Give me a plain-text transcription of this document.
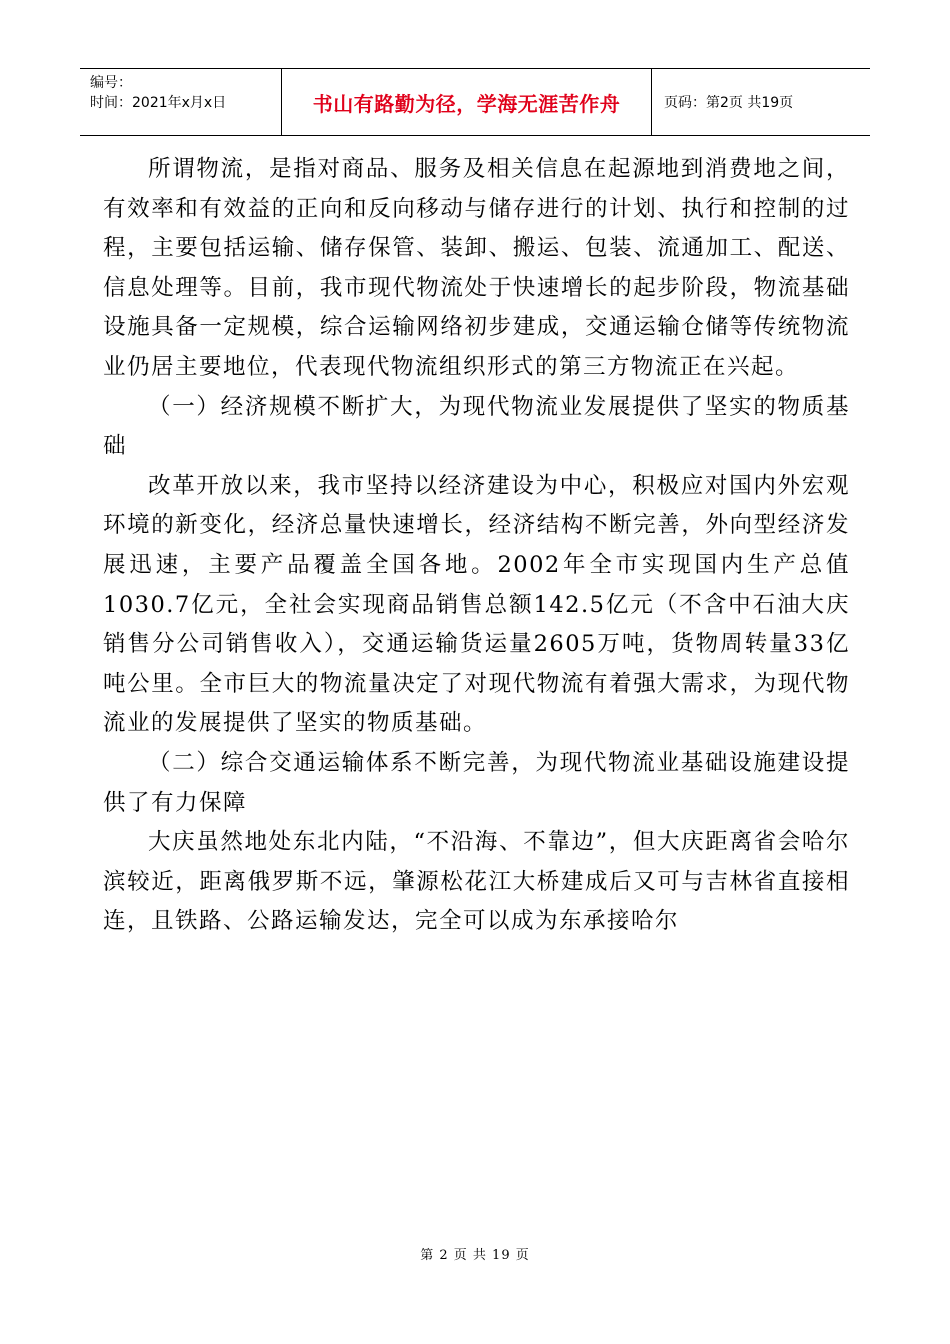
编号：
时间：2021年x月x日	书山有路勤为径，学海无涯苦作舟	页码：第2页 共19页

所谓物流，是指对商品、服务及相关信息在起源地到消费地之间，有效率和有效益的正向和反向移动与储存进行的计划、执行和控制的过程，主要包括运输、储存保管、装卸、搬运、包装、流通加工、配送、信息处理等。目前，我市现代物流处于快速增长的起步阶段，物流基础设施具备一定规模，综合运输网络初步建成，交通运输仓储等传统物流业仍居主要地位，代表现代物流组织形式的第三方物流正在兴起。

（一）经济规模不断扩大，为现代物流业发展提供了坚实的物质基础

改革开放以来，我市坚持以经济建设为中心，积极应对国内外宏观环境的新变化，经济总量快速增长，经济结构不断完善，外向型经济发展迅速，主要产品覆盖全国各地。2002年全市实现国内生产总值1030.7亿元，全社会实现商品销售总额142.5亿元（不含中石油大庆销售分公司销售收入），交通运输货运量2605万吨，货物周转量33亿吨公里。全市巨大的物流量决定了对现代物流有着强大需求，为现代物流业的发展提供了坚实的物质基础。

（二）综合交通运输体系不断完善，为现代物流业基础设施建设提供了有力保障

大庆虽然地处东北内陆，“不沿海、不靠边”，但大庆距离省会哈尔滨较近，距离俄罗斯不远，肇源松花江大桥建成后又可与吉林省直接相连，且铁路、公路运输发达，完全可以成为东承接哈尔

第 2 页 共 19 页
